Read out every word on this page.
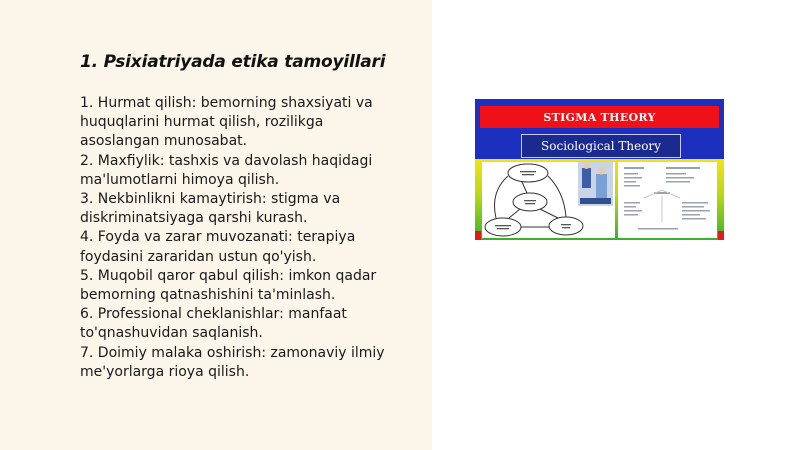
1. Psixiatriyada etika tamoyillari
1. Hurmat qilish: bemorning shaxsiyati va
huquqlarini hurmat qilish, rozilikga
asoslangan munosabat.
2. Maxfiylik: tashxis va davolash haqidagi
ma'lumotlarni himoya qilish.
3. Nekbinlikni kamaytirish: stigma va
diskriminatsiyaga qarshi kurash.
4. Foyda va zarar muvozanati: terapiya
foydasini zararidan ustun qo'yish.
5. Muqobil qaror qabul qilish: imkon qadar
bemorning qatnashishini ta'minlash.
6. Professional cheklanishlar: manfaat
to'qnashuvidan saqlanish.
7. Doimiy malaka oshirish: zamonaviy ilmiy
me'yorlarga rioya qilish.
STIGMA THEORY
Sociological Theory
